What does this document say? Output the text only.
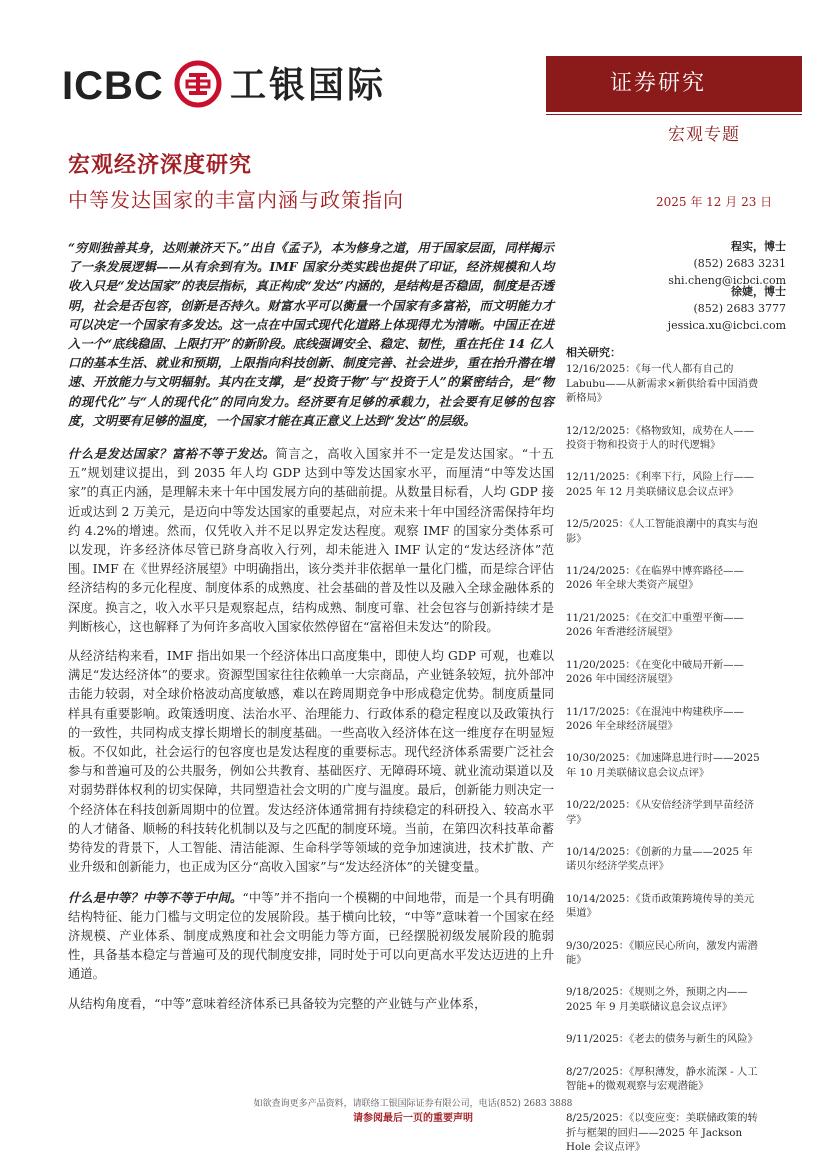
ICBC 工银国际	证券研究
宏观专题
宏观经济深度研究
中等发达国家的丰富内涵与政策指向	2025 年 12 月 23 日
程实，博士
(852) 2683 3231
shi.cheng@icbci.com
徐婕，博士
(852) 2683 3777
jessica.xu@icbci.com

“穷则独善其身，达则兼济天下。”出自《孟子》，本为修身之道，用于国家层面，同样揭示了一条发展逻辑——从有余到有为。IMF 国家分类实践也提供了印证，经济规模和人均收入只是“发达国家”的表层指标，真正构成“发达”内涵的，是结构是否稳固，制度是否透明，社会是否包容，创新是否持久。财富水平可以衡量一个国家有多富裕，而文明能力才可以决定一个国家有多发达。这一点在中国式现代化道路上体现得尤为清晰。中国正在进入一个“底线稳固、上限打开”的新阶段。底线强调安全、稳定、韧性，重在托住 14 亿人口的基本生活、就业和预期，上限指向科技创新、制度完善、社会进步，重在抬升潜在增速、开放能力与文明辐射。其内在支撑，是“投资于物”与“投资于人”的紧密结合，是“物的现代化”与“人的现代化”的同向发力。经济要有足够的承载力，社会要有足够的包容度，文明要有足够的温度，一个国家才能在真正意义上达到“发达”的层级。

什么是发达国家？富裕不等于发达。简言之，高收入国家并不一定是发达国家。“十五五”规划建议提出，到 2035 年人均 GDP 达到中等发达国家水平，而厘清“中等发达国家”的真正内涵，是理解未来十年中国发展方向的基础前提。从数量目标看，人均 GDP 接近或达到 2 万美元，是迈向中等发达国家的重要起点，对应未来十年中国经济需保持年均约 4.2%的增速。然而，仅凭收入并不足以界定发达程度。观察 IMF 的国家分类体系可以发现，许多经济体尽管已跻身高收入行列，却未能进入 IMF 认定的“发达经济体”范围。IMF 在《世界经济展望》中明确指出，该分类并非依据单一量化门槛，而是综合评估经济结构的多元化程度、制度体系的成熟度、社会基础的普及性以及融入全球金融体系的深度。换言之，收入水平只是观察起点，结构成熟、制度可靠、社会包容与创新持续才是判断核心，这也解释了为何许多高收入国家依然停留在“富裕但未发达”的阶段。

从经济结构来看，IMF 指出如果一个经济体出口高度集中，即使人均 GDP 可观，也难以满足“发达经济体”的要求。资源型国家往往依赖单一大宗商品，产业链条较短，抗外部冲击能力较弱，对全球价格波动高度敏感，难以在跨周期竞争中形成稳定优势。制度质量同样具有重要影响。政策透明度、法治水平、治理能力、行政体系的稳定程度以及政策执行的一致性，共同构成支撑长期增长的制度基础。一些高收入经济体在这一维度存在明显短板。不仅如此，社会运行的包容度也是发达程度的重要标志。现代经济体系需要广泛社会参与和普遍可及的公共服务，例如公共教育、基础医疗、无障碍环境、就业流动渠道以及对弱势群体权利的切实保障，共同塑造社会文明的广度与温度。最后，创新能力则决定一个经济体在科技创新周期中的位置。发达经济体通常拥有持续稳定的科研投入、较高水平的人才储备、顺畅的科技转化机制以及与之匹配的制度环境。当前，在第四次科技革命蓄势待发的背景下，人工智能、清洁能源、生命科学等领域的竞争加速演进，技术扩散、产业升级和创新能力，也正成为区分“高收入国家”与“发达经济体”的关键变量。

什么是中等？中等不等于中间。“中等”并不指向一个模糊的中间地带，而是一个具有明确结构特征、能力门槛与文明定位的发展阶段。基于横向比较，“中等”意味着一个国家在经济规模、产业体系、制度成熟度和社会文明能力等方面，已经摆脱初级发展阶段的脆弱性，具备基本稳定与普遍可及的现代制度安排，同时处于可以向更高水平发达迈进的上升通道。

从结构角度看，“中等”意味着经济体系已具备较为完整的产业链与产业体系，

相关研究：
12/16/2025：《每一代人都有自己的 Labubu——从新需求×新供给看中国消费新格局》
12/12/2025：《格物致知，成势在人——投资于物和投资于人的时代逻辑》
12/11/2025：《利率下行，风险上行——2025 年 12 月美联储议息会议点评》
12/5/2025：《人工智能浪潮中的真实与泡影》
11/24/2025：《在临界中博弈路径——2026 年全球大类资产展望》
11/21/2025：《在交汇中重塑平衡——2026 年香港经济展望》
11/20/2025：《在变化中破局开新——2026 年中国经济展望》
11/17/2025：《在混沌中构建秩序——2026 年全球经济展望》
10/30/2025：《加速降息进行时——2025 年 10 月美联储议息会议点评》
10/22/2025：《从安倍经济学到早苗经济学》
10/14/2025：《创新的力量——2025 年诺贝尔经济学奖点评》
10/14/2025：《货币政策跨境传导的美元渠道》
9/30/2025：《顺应民心所向，激发内需潜能》
9/18/2025：《规则之外，预期之内——2025 年 9 月美联储议息会议点评》
9/11/2025：《老去的债务与新生的风险》
8/27/2025：《厚积薄发，静水流深 - 人工智能+的微观观察与宏观潜能》
8/25/2025：《以变应变：美联储政策的转折与框架的回归——2025 年 Jackson Hole 会议点评》
如欲查询更多产品资料，请联络工银国际证券有限公司，电话(852) 2683 3888
请参阅最后一页的重要声明
